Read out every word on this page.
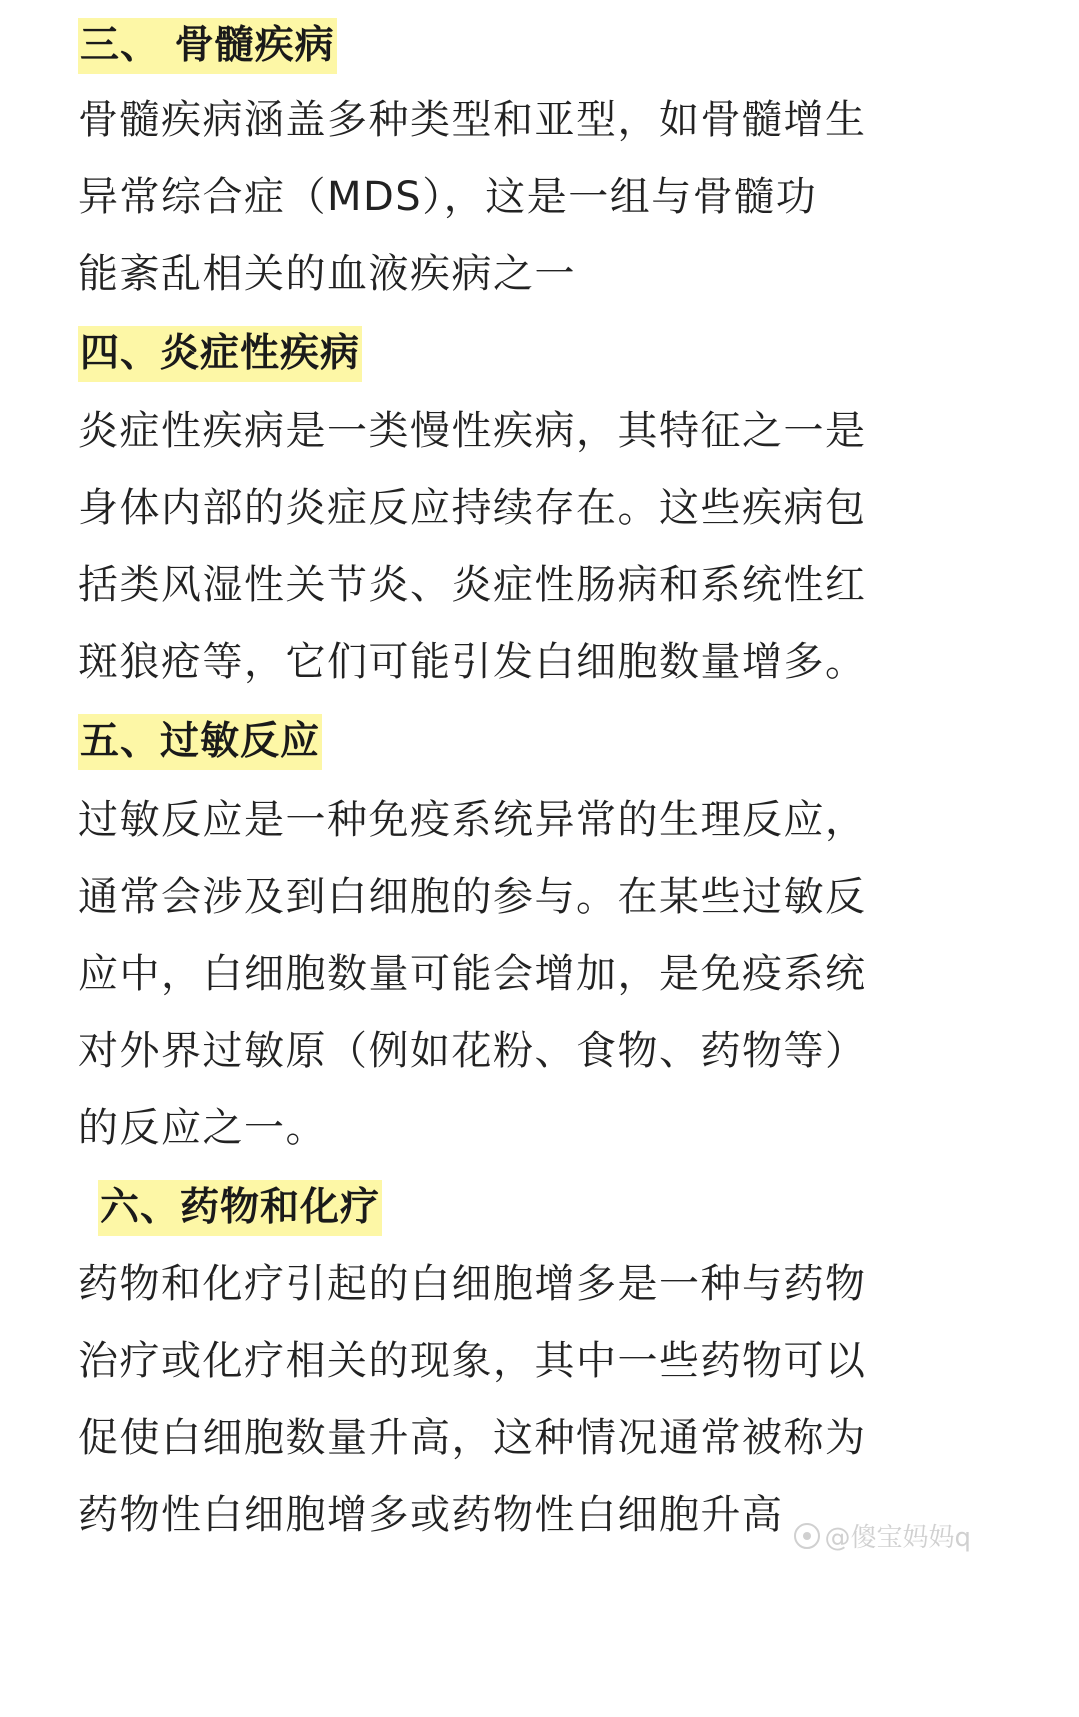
三、 骨髓疾病

骨髓疾病涵盖多种类型和亚型，如骨髓增生
异常综合症（MDS），这是一组与骨髓功
能紊乱相关的血液疾病之一

四、炎症性疾病

炎症性疾病是一类慢性疾病，其特征之一是
身体内部的炎症反应持续存在。这些疾病包
括类风湿性关节炎、炎症性肠病和系统性红
斑狼疮等，它们可能引发白细胞数量增多。

五、过敏反应

过敏反应是一种免疫系统异常的生理反应，
通常会涉及到白细胞的参与。在某些过敏反
应中，白细胞数量可能会增加，是免疫系统
对外界过敏原（例如花粉、食物、药物等）
的反应之一。

六、药物和化疗

药物和化疗引起的白细胞增多是一种与药物
治疗或化疗相关的现象，其中一些药物可以
促使白细胞数量升高，这种情况通常被称为
药物性白细胞增多或药物性白细胞升高	@傻宝妈妈q
